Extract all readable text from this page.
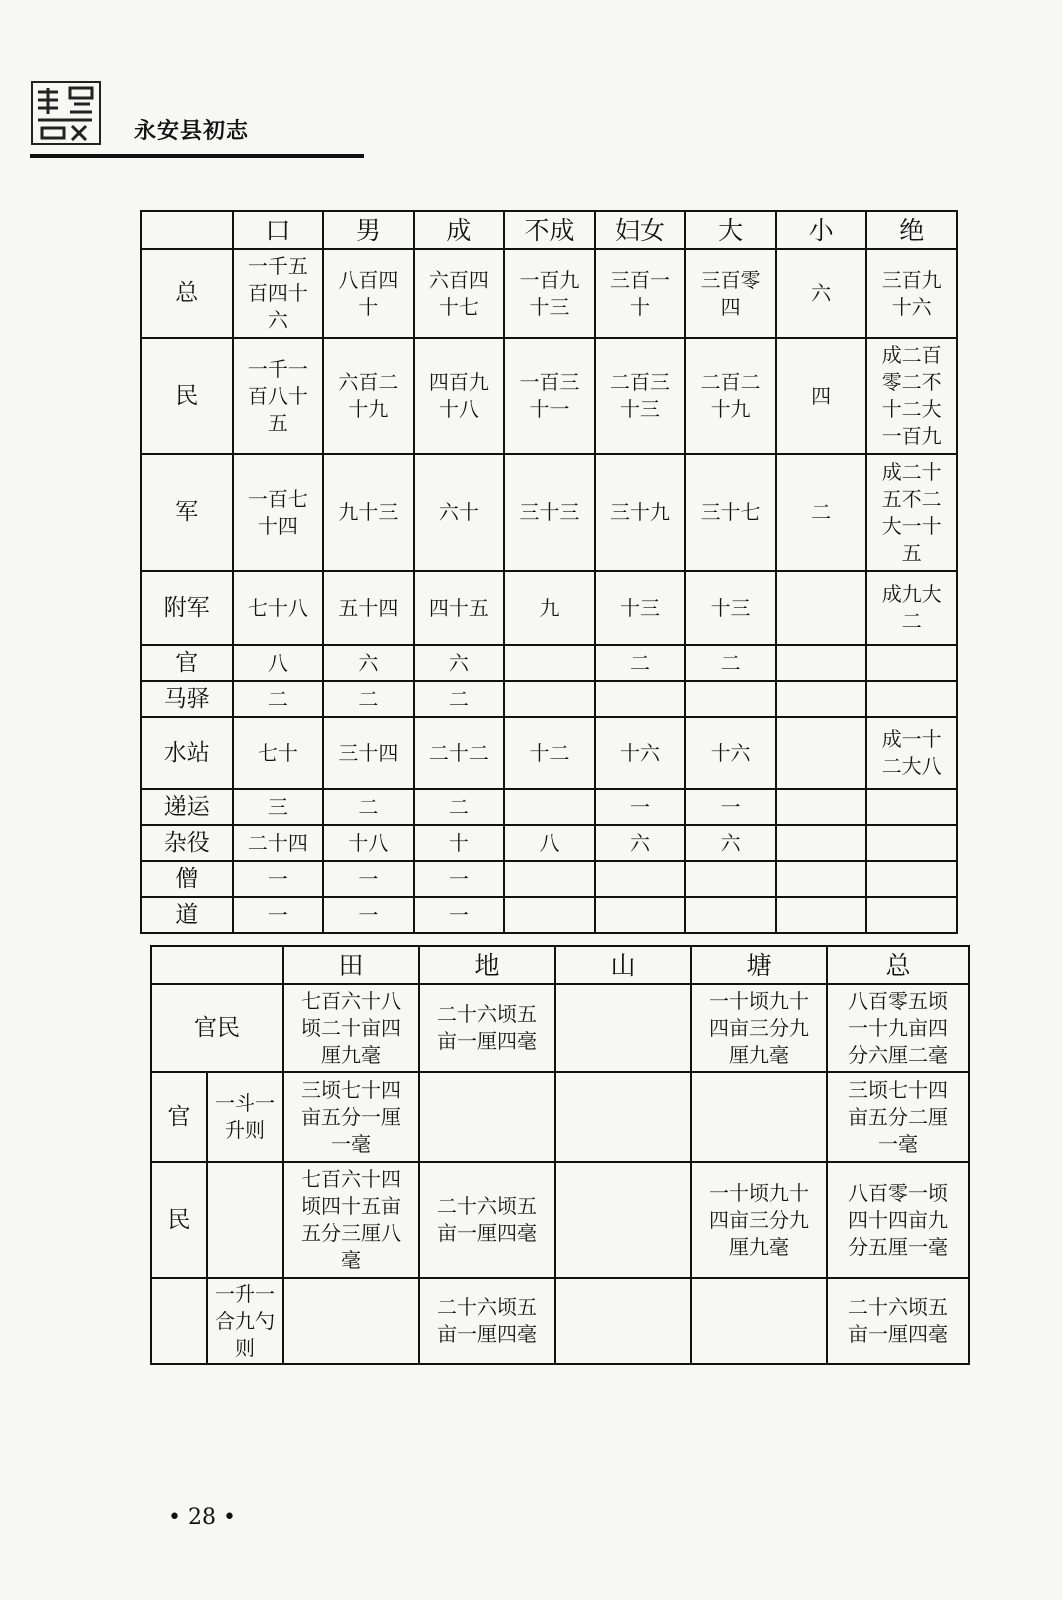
永安县初志
	口	男	成	不成	妇女	大	小	绝
总	一千五百四十六	八百四十	六百四十七	一百九十三	三百一十	三百零四	六	三百九十六

民	一千一百八十五	六百二十九	四百九十八	一百三十一	二百三十三	二百二十九	四	成二百零二不十二大一百九

军	一百七十四	九十三	六十	三十三	三十九	三十七	二	成二十五不二大一十五

附军	七十八	五十四	四十五	九	十三	十三		成九大二

官	八	六	六		二	二		
马驿	二	二	二					
水站	七十	三十四	二十二	十二	十六	十六		成一十二大八

递运	三	二	二		一	一		
杂役	二十四	十八	十	八	六	六		
僧	一	一	一					
道	一	一	一					
		田	地	山	塘	总
官民		七百六十八顷二十亩四厘九毫	二十六顷五亩一厘四毫		一十顷九十四亩三分九厘九毫	八百零五顷一十九亩四分六厘二毫

官	一斗一升则	三顷七十四亩五分一厘一毫				三顷七十四亩五分二厘一毫

民		七百六十四顷四十五亩五分三厘八毫	二十六顷五亩一厘四毫		一十顷九十四亩三分九厘九毫	八百零一顷四十四亩九分五厘一毫

	一升一合九勺则		二十六顷五亩一厘四毫			二十六顷五亩一厘四毫
• 28 •
